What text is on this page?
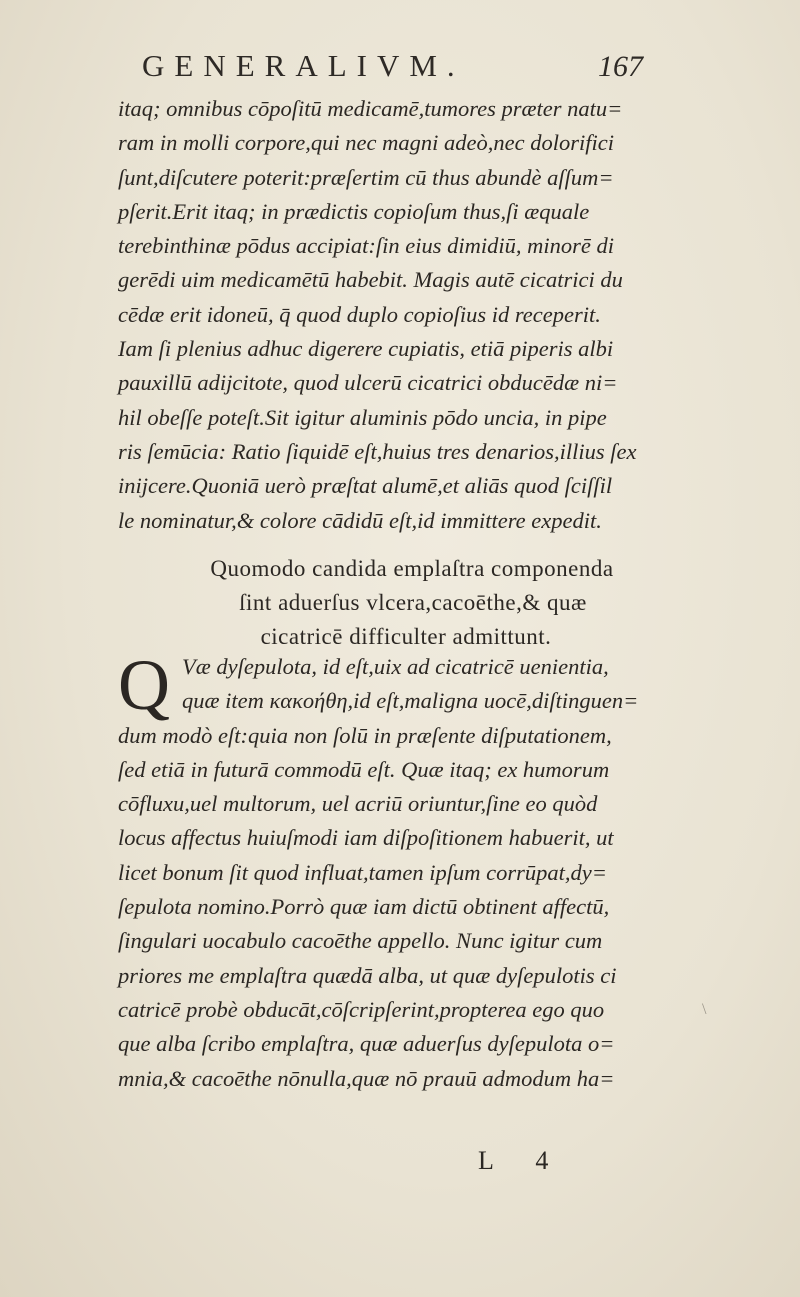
GENERALIVM.	167
itaq; omnibus cōpoſitū medicamē,tumores præter natu=
ram in molli corpore,qui nec magni adeò,nec dolorifici
ſunt,diſcutere poterit:præſertim cū thus abundè aſſum=
pſerit.Erit itaq; in prædictis copioſum thus,ſi æquale
terebinthinæ pōdus accipiat:ſin eius dimidiū, minorē di
gerēdi uim medicamētū habebit. Magis autē cicatrici du
cēdæ erit idoneū, q̄ quod duplo copioſius id receperit.
Iam ſi plenius adhuc digerere cupiatis, etiā piperis albi
pauxillū adijcitote, quod ulcerū cicatrici obducēdæ ni=
hil obeſſe poteſt.Sit igitur aluminis pōdo uncia, in pipe
ris ſemūcia: Ratio ſiquidē eſt,huius tres denarios,illius ſex
inijcere.Quoniā uerò præſtat alumē,et aliās quod ſciſſil
le nominatur,& colore cādidū eſt,id immittere expedit.
Quomodo candida emplaſtra componenda
ſint aduerſus vlcera,cacoēthe,& quæ
cicatricē difficulter admittunt.
Q Væ dyſepulota, id eſt,uix ad cicatricē uenientia,
quæ item κακοήθη,id eſt,maligna uocē,diſtinguen=
dum modò eſt:quia non ſolū in præſente diſputationem,
ſed etiā in futurā commodū eſt. Quæ itaq; ex humorum
cōfluxu,uel multorum, uel acriū oriuntur,ſine eo quòd
locus affectus huiuſmodi iam diſpoſitionem habuerit, ut
licet bonum ſit quod influat,tamen ipſum corrūpat,dy=
ſepulota nomino.Porrò quæ iam dictū obtinent affectū,
ſingulari uocabulo cacoēthe appello. Nunc igitur cum
priores me emplaſtra quædā alba, ut quæ dyſepulotis ci
catricē probè obducāt,cōſcripſerint,propterea ego quo
que alba ſcribo emplaſtra, quæ aduerſus dyſepulota o=
mnia,& cacoēthe nōnulla,quæ nō prauū admodum ha=
\
L 4
